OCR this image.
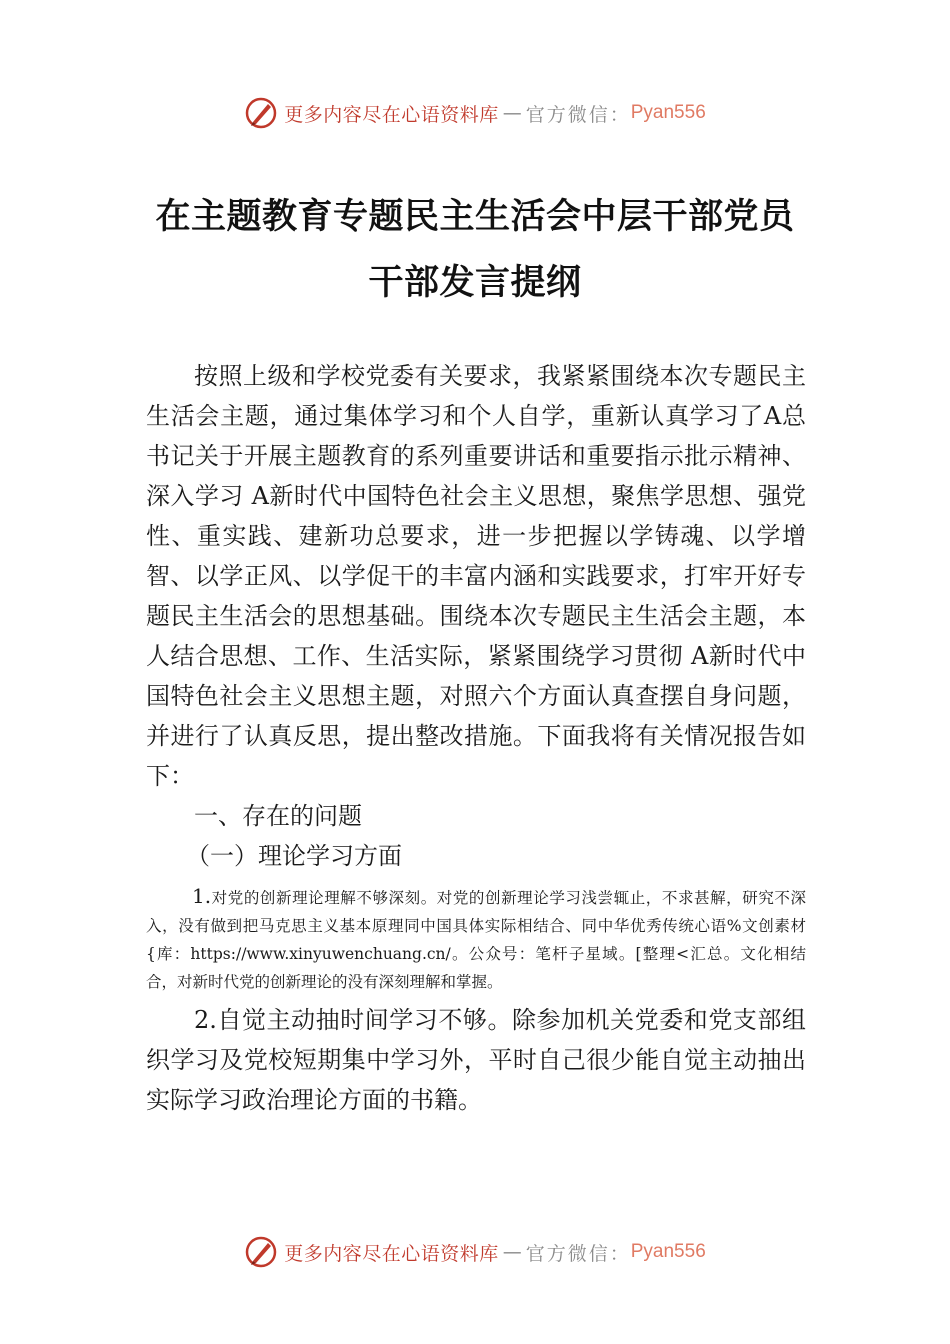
更多内容尽在心语资料库 — 官方微信： Pyan556
在主题教育专题民主生活会中层干部党员
干部发言提纲

按照上级和学校党委有关要求，我紧紧围绕本次专题民主生活会主题，通过集体学习和个人自学，重新认真学习了A总书记关于开展主题教育的系列重要讲话和重要指示批示精神、深入学习 A新时代中国特色社会主义思想，聚焦学思想、强党性、重实践、建新功总要求，进一步把握以学铸魂、以学增智、以学正风、以学促干的丰富内涵和实践要求，打牢开好专题民主生活会的思想基础。围绕本次专题民主生活会主题，本人结合思想、工作、生活实际，紧紧围绕学习贯彻 A新时代中国特色社会主义思想主题，对照六个方面认真查摆自身问题，并进行了认真反思，提出整改措施。下面我将有关情况报告如下：

一、存在的问题

（一）理论学习方面

1.对党的创新理论理解不够深刻。对党的创新理论学习浅尝辄止，不求甚解，研究不深入，没有做到把马克思主义基本原理同中国具体实际相结合、同中华优秀传统心语%文创素材{库：https://www.xinyuwenchuang.cn/。公众号：笔杆子星域。[整理<汇总。文化相结合，对新时代党的创新理论的没有深刻理解和掌握。

2.自觉主动抽时间学习不够。除参加机关党委和党支部组织学习及党校短期集中学习外，平时自己很少能自觉主动抽出实际学习政治理论方面的书籍。

更多内容尽在心语资料库 — 官方微信： Pyan556
